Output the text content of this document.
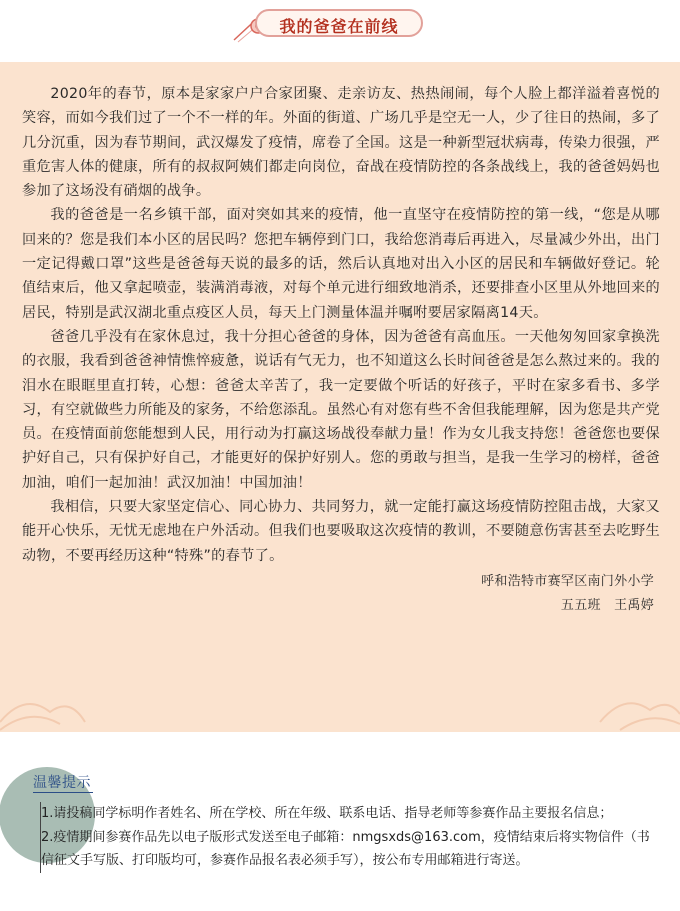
我的爸爸在前线

2020年的春节，原本是家家户户合家团聚、走亲访友、热热闹闹，每个人脸上都洋溢着喜悦的笑容，而如今我们过了一个不一样的年。外面的街道、广场几乎是空无一人，少了往日的热闹，多了几分沉重，因为春节期间，武汉爆发了疫情，席卷了全国。这是一种新型冠状病毒，传染力很强，严重危害人体的健康，所有的叔叔阿姨们都走向岗位，奋战在疫情防控的各条战线上，我的爸爸妈妈也参加了这场没有硝烟的战争。

我的爸爸是一名乡镇干部，面对突如其来的疫情，他一直坚守在疫情防控的第一线，“您是从哪回来的？您是我们本小区的居民吗？您把车辆停到门口，我给您消毒后再进入，尽量减少外出，出门一定记得戴口罩”这些是爸爸每天说的最多的话，然后认真地对出入小区的居民和车辆做好登记。轮值结束后，他又拿起喷壶，装满消毒液，对每个单元进行细致地消杀，还要排查小区里从外地回来的居民，特别是武汉湖北重点疫区人员，每天上门测量体温并嘱咐要居家隔离14天。

爸爸几乎没有在家休息过，我十分担心爸爸的身体，因为爸爸有高血压。一天他匆匆回家拿换洗的衣服，我看到爸爸神情憔悴疲惫，说话有气无力，也不知道这么长时间爸爸是怎么熬过来的。我的泪水在眼眶里直打转，心想：爸爸太辛苦了，我一定要做个听话的好孩子，平时在家多看书、多学习，有空就做些力所能及的家务，不给您添乱。虽然心有对您有些不舍但我能理解，因为您是共产党员。在疫情面前您能想到人民，用行动为打赢这场战役奉献力量！作为女儿我支持您！爸爸您也要保护好自己，只有保护好自己，才能更好的保护好别人。您的勇敢与担当，是我一生学习的榜样，爸爸加油，咱们一起加油！武汉加油！中国加油！

我相信，只要大家坚定信心、同心协力、共同努力，就一定能打赢这场疫情防控阻击战，大家又能开心快乐，无忧无虑地在户外活动。但我们也要吸取这次疫情的教训，不要随意伤害甚至去吃野生动物，不要再经历这种“特殊”的春节了。

呼和浩特市赛罕区南门外小学
五五班　王禹婷
温馨提示

1.请投稿同学标明作者姓名、所在学校、所在年级、联系电话、指导老师等参赛作品主要报名信息；

2.疫情期间参赛作品先以电子版形式发送至电子邮箱：nmgsxds@163.com，疫情结束后将实物信件（书信征文手写版、打印版均可，参赛作品报名表必须手写），按公布专用邮箱进行寄送。
